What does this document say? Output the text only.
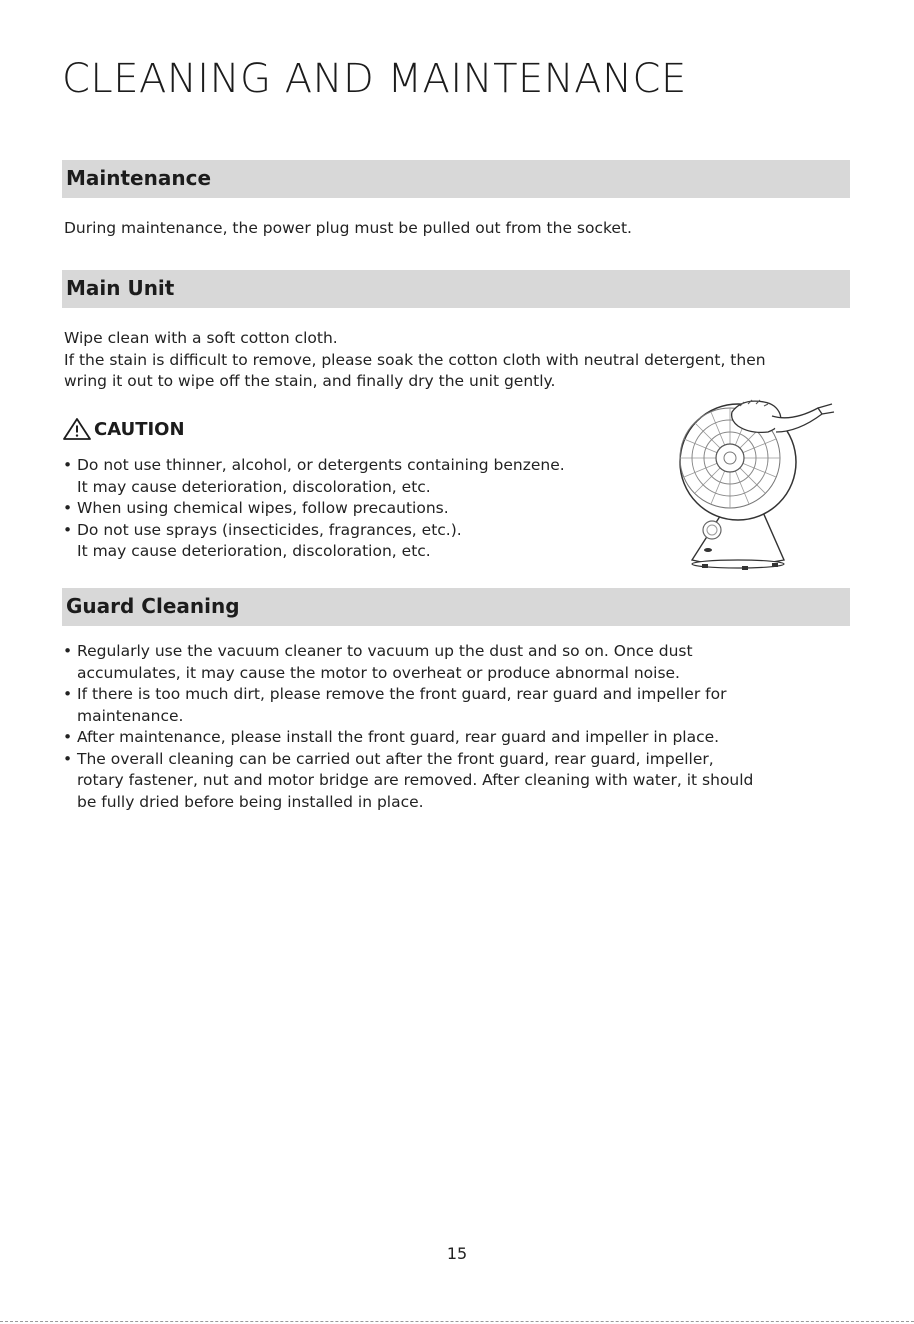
CLEANING AND MAINTENANCE
Maintenance

During maintenance, the power plug must be pulled out from the socket.

Main Unit
Wipe clean with a soft cotton cloth.
If the stain is difficult to remove, please soak the cotton cloth with neutral detergent, then
wring it out to wipe off the stain, and finally dry the unit gently.
CAUTION
• Do not use thinner, alcohol, or detergents containing benzene.
It may cause deterioration, discoloration, etc.
• When using chemical wipes, follow precautions.
• Do not use sprays (insecticides, fragrances, etc.).
It may cause deterioration, discoloration, etc.
Guard Cleaning
• Regularly use the vacuum cleaner to vacuum up the dust and so on. Once dust
accumulates, it may cause the motor to overheat or produce abnormal noise.
• If there is too much dirt, please remove the front guard, rear guard and impeller for
maintenance.
• After maintenance, please install the front guard, rear guard and impeller in place.
• The overall cleaning can be carried out after the front guard, rear guard, impeller,
rotary fastener, nut and motor bridge are removed. After cleaning with water, it should
be fully dried before being installed in place.
15
